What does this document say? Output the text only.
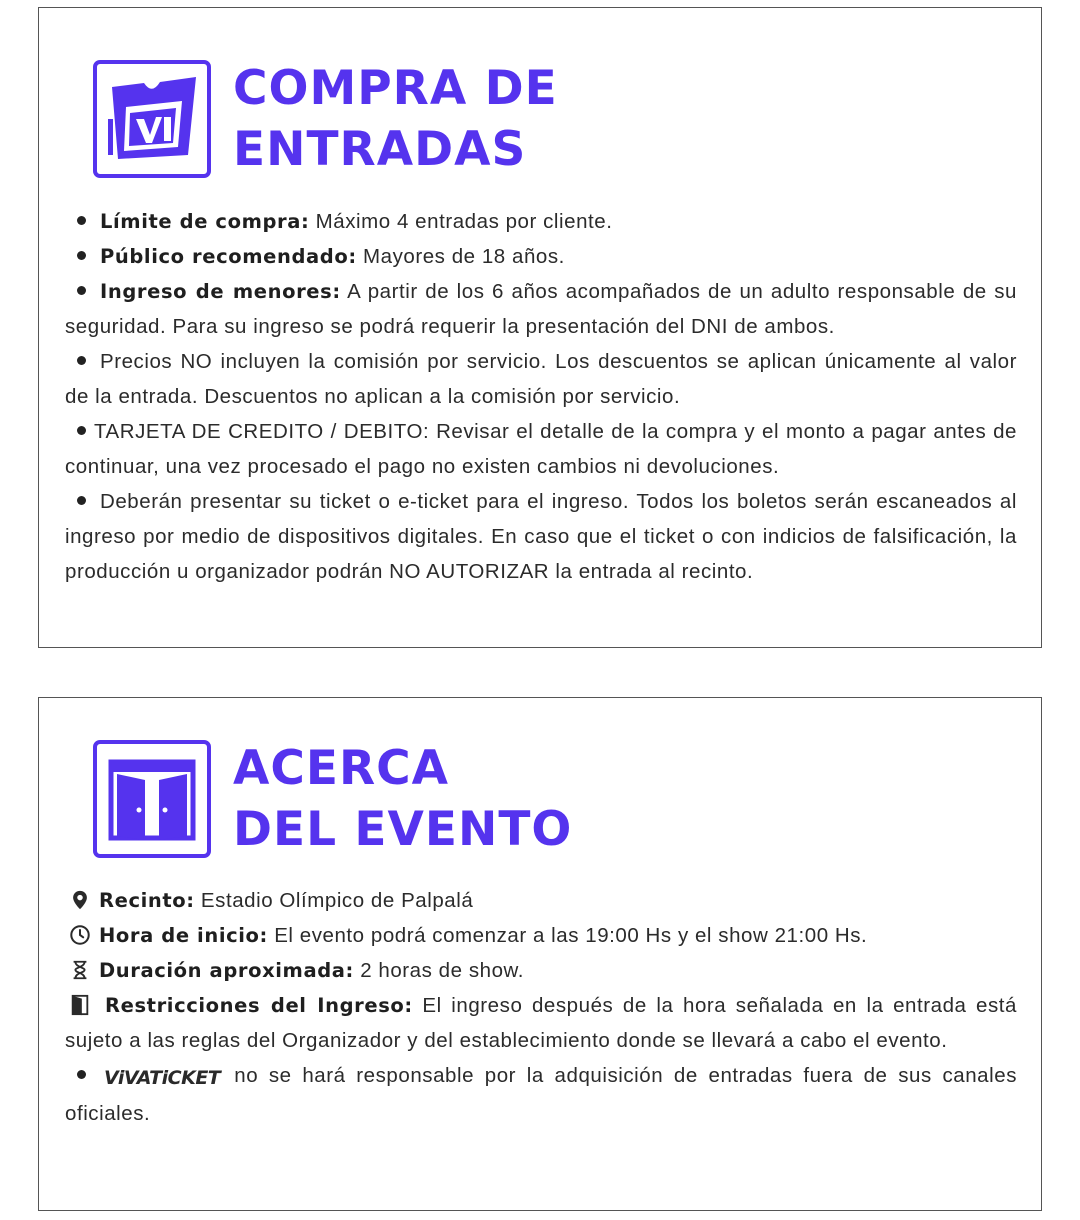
COMPRA DE
ENTRADAS

Límite de compra: Máximo 4 entradas por cliente.

Público recomendado: Mayores de 18 años.

Ingreso de menores: A partir de los 6 años acompañados de un adulto responsable de su seguridad. Para su ingreso se podrá requerir la presentación del DNI de ambos.

Precios NO incluyen la comisión por servicio. Los descuentos se aplican únicamente al valor de la entrada. Descuentos no aplican a la comisión por servicio.

TARJETA DE CREDITO / DEBITO: Revisar el detalle de la compra y el monto a pagar antes de continuar, una vez procesado el pago no existen cambios ni devoluciones.

Deberán presentar su ticket o e-ticket para el ingreso. Todos los boletos serán escaneados al ingreso por medio de dispositivos digitales. En caso que el ticket o con indicios de falsificación, la producción u organizador podrán NO AUTORIZAR la entrada al recinto.

ACERCA
DEL EVENTO

Recinto: Estadio Olímpico de Palpalá

Hora de inicio: El evento podrá comenzar a las 19:00 Hs y el show 21:00 Hs.

Duración aproximada: 2 horas de show.

Restricciones del Ingreso: El ingreso después de la hora señalada en la entrada está sujeto a las reglas del Organizador y del establecimiento donde se llevará a cabo el evento.

ViVATiCKET no se hará responsable por la adquisición de entradas fuera de sus canales oficiales.
